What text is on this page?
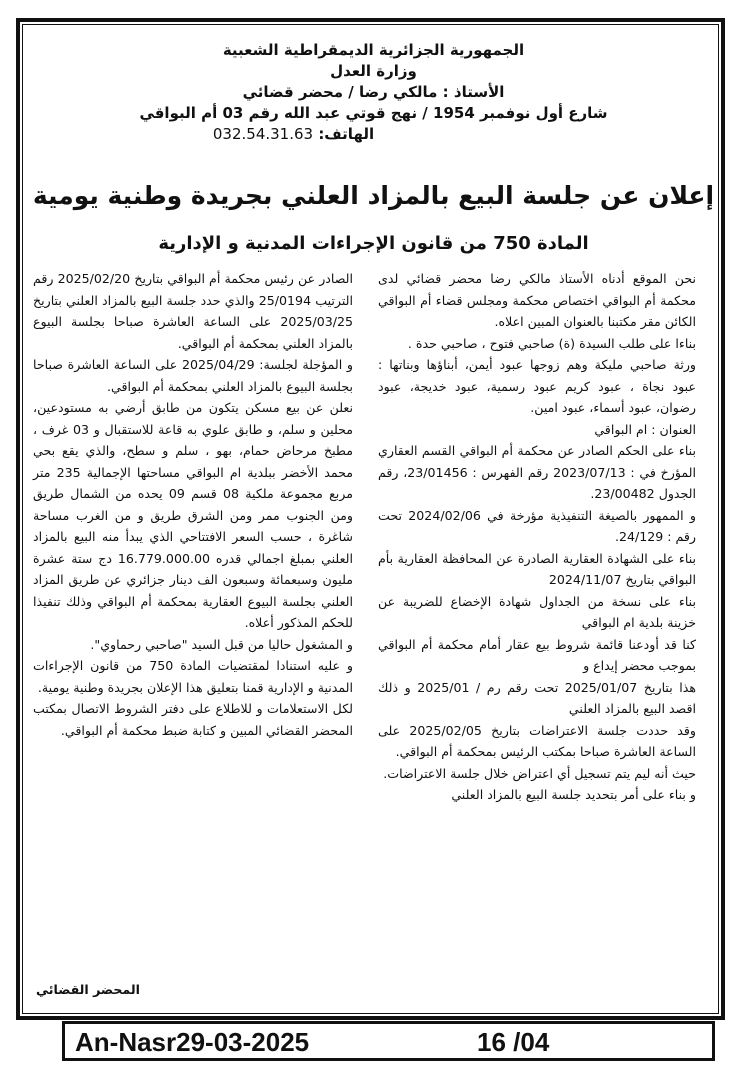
الجمهورية الجزائرية الديمقراطية الشعبية
وزارة العدل
الأستاذ : مالكي رضا / محضر قضائي
شارع أول نوفمبر 1954 / نهج قوتي عبد الله رقم 03 أم البواقي
الهاتف: 032.54.31.63
إعلان عن جلسة البيع بالمزاد العلني بجريدة وطنية يومية
المادة 750 من قانون الإجراءات المدنية و الإدارية

نحن الموقع أدناه الأستاذ مالكي رضا محضر قضائي لدى محكمة أم البواقي اختصاص محكمة ومجلس قضاء أم البواقي الكائن مقر مكتبنا بالعنوان المبين اعلاه.

بناءا على طلب السيدة (ة) صاحبي فتوح ، صاحبي حدة .

ورثة صاحبي مليكة وهم زوجها عبود أيمن، أبناؤها وبناتها : عبود نجاة ، عبود كريم عبود رسمية، عبود خديجة، عبود رضوان، عبود أسماء، عبود امين.

العنوان : ام البواقي

بناء على الحكم الصادر عن محكمة أم البواقي القسم العقاري المؤرخ في : 2023/07/13 رقم الفهرس : 23/01456، رقم الجدول 23/00482.

و الممهور بالصيغة التنفيذية مؤرخة في 2024/02/06 تحت رقم : 24/129.

بناء على الشهادة العقارية الصادرة عن المحافظة العقارية بأم البواقي بتاريخ 2024/11/07

بناء على نسخة من الجداول شهادة الإخضاع للضريبة عن خزينة بلدية ام البواقي

كنا قد أودعنا قائمة شروط بيع عقار أمام محكمة أم البواقي بموجب محضر إيداع و

هذا بتاريخ 2025/01/07 تحت رقم رم / 2025/01 و ذلك اقصد البيع بالمزاد العلني

وقد حددت جلسة الاعتراضات بتاريخ 2025/02/05 على الساعة العاشرة صباحا بمكتب الرئيس بمحكمة أم البواقي.

حيث أنه ليم يتم تسجيل أي اعتراض خلال جلسة الاعتراضات.

و بناء على أمر بتحديد جلسة البيع بالمزاد العلني

الصادر عن رئيس محكمة أم البواقي بتاريخ 2025/02/20 رقم الترتيب 25/0194 والذي حدد جلسة البيع بالمزاد العلني بتاريخ 2025/03/25 على الساعة العاشرة صباحا بجلسة البيوع بالمزاد العلني بمحكمة أم البواقي.

و المؤجلة لجلسة: 2025/04/29 على الساعة العاشرة صباحا بجلسة البيوع بالمزاد العلني بمحكمة أم البواقي.

نعلن عن بيع مسكن يتكون من طابق أرضي به مستودعين، محلين و سلم، و طابق علوي به قاعة للاستقبال و 03 غرف ، مطبخ مرحاض حمام، بهو ، سلم و سطح، والذي يقع بحي محمد الأخضر ببلدية ام البواقي مساحتها الإجمالية 235 متر مربع مجموعة ملكية 08 قسم 09 يحده من الشمال طريق ومن الجنوب ممر ومن الشرق طريق و من الغرب مساحة شاغرة ، حسب السعر الافتتاحي الذي يبدأ منه البيع بالمزاد العلني بمبلغ اجمالي قدره 16.779.000.00 دج ستة عشرة مليون وسبعمائة وسبعون الف دينار جزائري عن طريق المزاد العلني بجلسة البيوع العقارية بمحكمة أم البواقي وذلك تنفيذا للحكم المذكور أعلاه.

و المشغول حاليا من قبل السيد "صاحبي رحماوي".

و عليه استنادا لمقتضيات المادة 750 من قانون الإجراءات المدنية و الإدارية قمنا بتعليق هذا الإعلان بجريدة وطنية يومية.

لكل الاستعلامات و للاطلاع على دفتر الشروط الاتصال بمكتب المحضر القضائي المبين و كتابة ضبط محكمة أم البواقي.

المحضر القضائي
An-Nasr29-03-2025	16 /04
